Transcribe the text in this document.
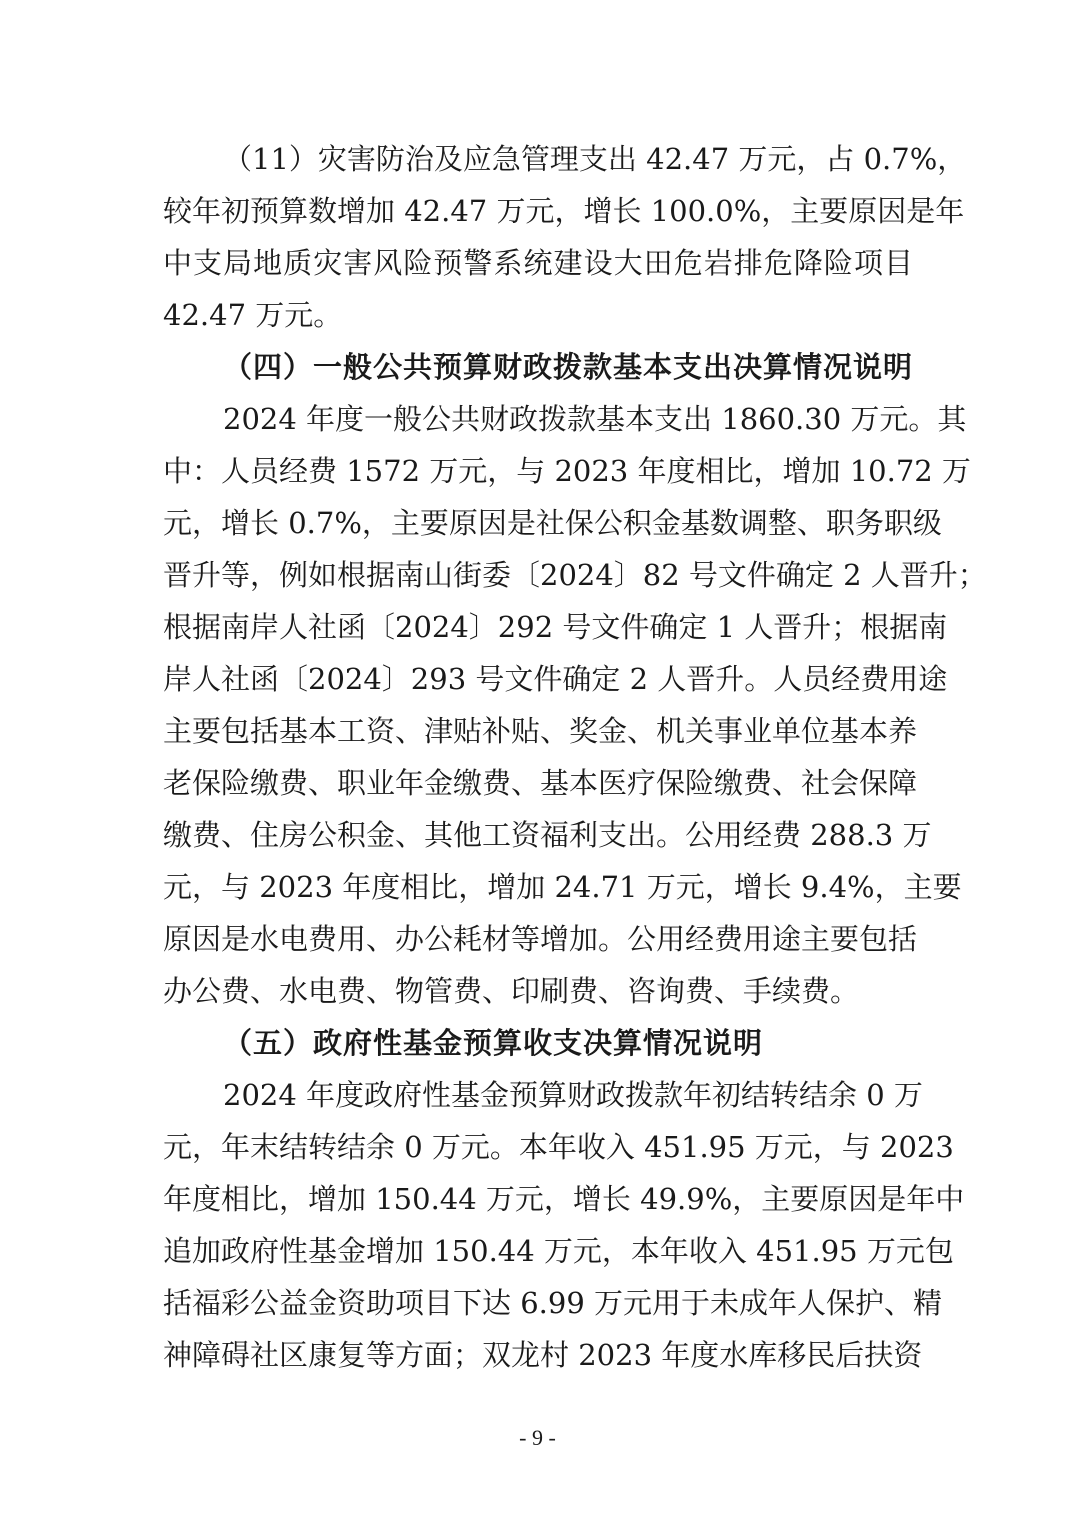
（11）灾害防治及应急管理支出 42.47 万元，占 0.7%，
较年初预算数增加 42.47 万元，增长 100.0%，主要原因是年
中支局地质灾害风险预警系统建设大田危岩排危降险项目
42.47 万元。
（四）一般公共预算财政拨款基本支出决算情况说明
2024 年度一般公共财政拨款基本支出 1860.30 万元。其
中：人员经费 1572 万元，与 2023 年度相比，增加 10.72 万
元，增长 0.7%，主要原因是社保公积金基数调整、职务职级
晋升等，例如根据南山街委〔2024〕82 号文件确定 2 人晋升；
根据南岸人社函〔2024〕292 号文件确定 1 人晋升；根据南
岸人社函〔2024〕293 号文件确定 2 人晋升。人员经费用途
主要包括基本工资、津贴补贴、奖金、机关事业单位基本养
老保险缴费、职业年金缴费、基本医疗保险缴费、社会保障
缴费、住房公积金、其他工资福利支出。公用经费 288.3 万
元，与 2023 年度相比，增加 24.71 万元，增长 9.4%，主要
原因是水电费用、办公耗材等增加。公用经费用途主要包括
办公费、水电费、物管费、印刷费、咨询费、手续费。
（五）政府性基金预算收支决算情况说明
2024 年度政府性基金预算财政拨款年初结转结余 0 万
元，年末结转结余 0 万元。本年收入 451.95 万元，与 2023
年度相比，增加 150.44 万元，增长 49.9%，主要原因是年中
追加政府性基金增加 150.44 万元，本年收入 451.95 万元包
括福彩公益金资助项目下达 6.99 万元用于未成年人保护、精
神障碍社区康复等方面；双龙村 2023 年度水库移民后扶资
- 9 -
